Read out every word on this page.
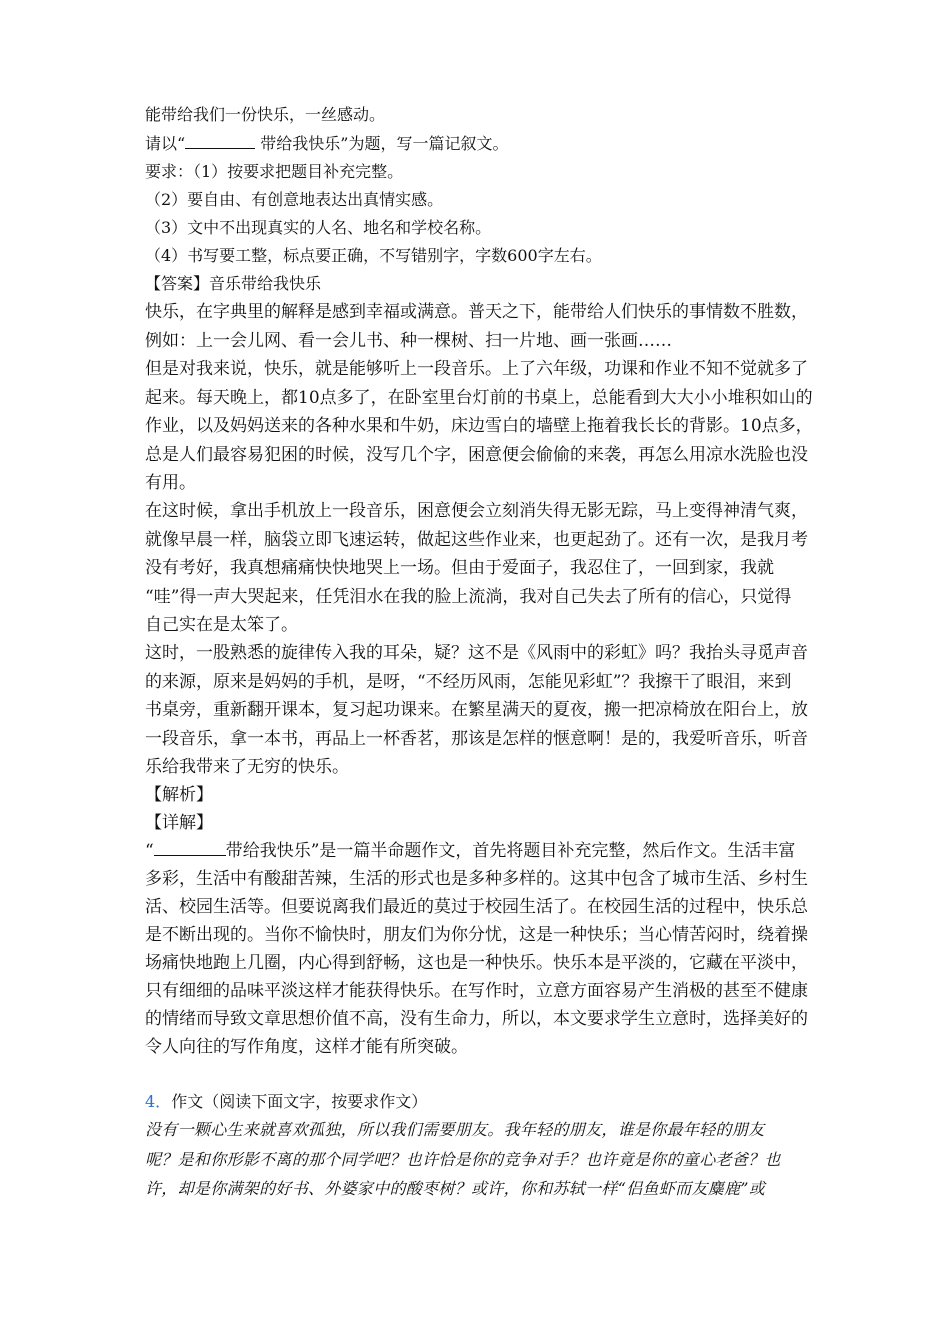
能带给我们一份快乐，一丝感动。
请以“	带给我快乐”为题，写一篇记叙文。
要求：（1）按要求把题目补充完整。
（2）要自由、有创意地表达出真情实感。
（3）文中不出现真实的人名、地名和学校名称。
（4）书写要工整，标点要正确，不写错别字，字数600字左右。
【答案】音乐带给我快乐
快乐，在字典里的解释是感到幸福或满意。普天之下，能带给人们快乐的事情数不胜数，
例如：上一会儿网、看一会儿书、种一棵树、扫一片地、画一张画……
但是对我来说，快乐，就是能够听上一段音乐。上了六年级，功课和作业不知不觉就多了
起来。每天晚上，都10点多了，在卧室里台灯前的书桌上，总能看到大大小小堆积如山的
作业，以及妈妈送来的各种水果和牛奶，床边雪白的墙壁上拖着我长长的背影。10点多，
总是人们最容易犯困的时候，没写几个字，困意便会偷偷的来袭，再怎么用凉水洗脸也没
有用。
在这时候，拿出手机放上一段音乐，困意便会立刻消失得无影无踪，马上变得神清气爽，
就像早晨一样，脑袋立即飞速运转，做起这些作业来，也更起劲了。还有一次，是我月考
没有考好，我真想痛痛快快地哭上一场。但由于爱面子，我忍住了，一回到家，我就
“哇”得一声大哭起来，任凭泪水在我的脸上流淌，我对自己失去了所有的信心，只觉得
自己实在是太笨了。
这时，一股熟悉的旋律传入我的耳朵，疑？这不是《风雨中的彩虹》吗？我抬头寻觅声音
的来源，原来是妈妈的手机，是呀，“不经历风雨，怎能见彩虹”？我擦干了眼泪，来到
书桌旁，重新翻开课本，复习起功课来。在繁星满天的夏夜，搬一把凉椅放在阳台上，放
一段音乐，拿一本书，再品上一杯香茗，那该是怎样的惬意啊！是的，我爱听音乐，听音
乐给我带来了无穷的快乐。
【解析】
【详解】
“	带给我快乐”是一篇半命题作文，首先将题目补充完整，然后作文。生活丰富
多彩，生活中有酸甜苦辣，生活的形式也是多种多样的。这其中包含了城市生活、乡村生
活、校园生活等。但要说离我们最近的莫过于校园生活了。在校园生活的过程中，快乐总
是不断出现的。当你不愉快时，朋友们为你分忧，这是一种快乐；当心情苦闷时，绕着操
场痛快地跑上几圈，内心得到舒畅，这也是一种快乐。快乐本是平淡的，它藏在平淡中，
只有细细的品味平淡这样才能获得快乐。在写作时，立意方面容易产生消极的甚至不健康
的情绪而导致文章思想价值不高，没有生命力，所以，本文要求学生立意时，选择美好的
令人向往的写作角度，这样才能有所突破。
4．作文（阅读下面文字，按要求作文）
没有一颗心生来就喜欢孤独，所以我们需要朋友。我年轻的朋友，谁是你最年轻的朋友
呢？是和你形影不离的那个同学吧？也许恰是你的竞争对手？也许竟是你的童心老爸？也
许，却是你满架的好书、外婆家中的酸枣树？或许，你和苏轼一样“侣鱼虾而友麋鹿”或
